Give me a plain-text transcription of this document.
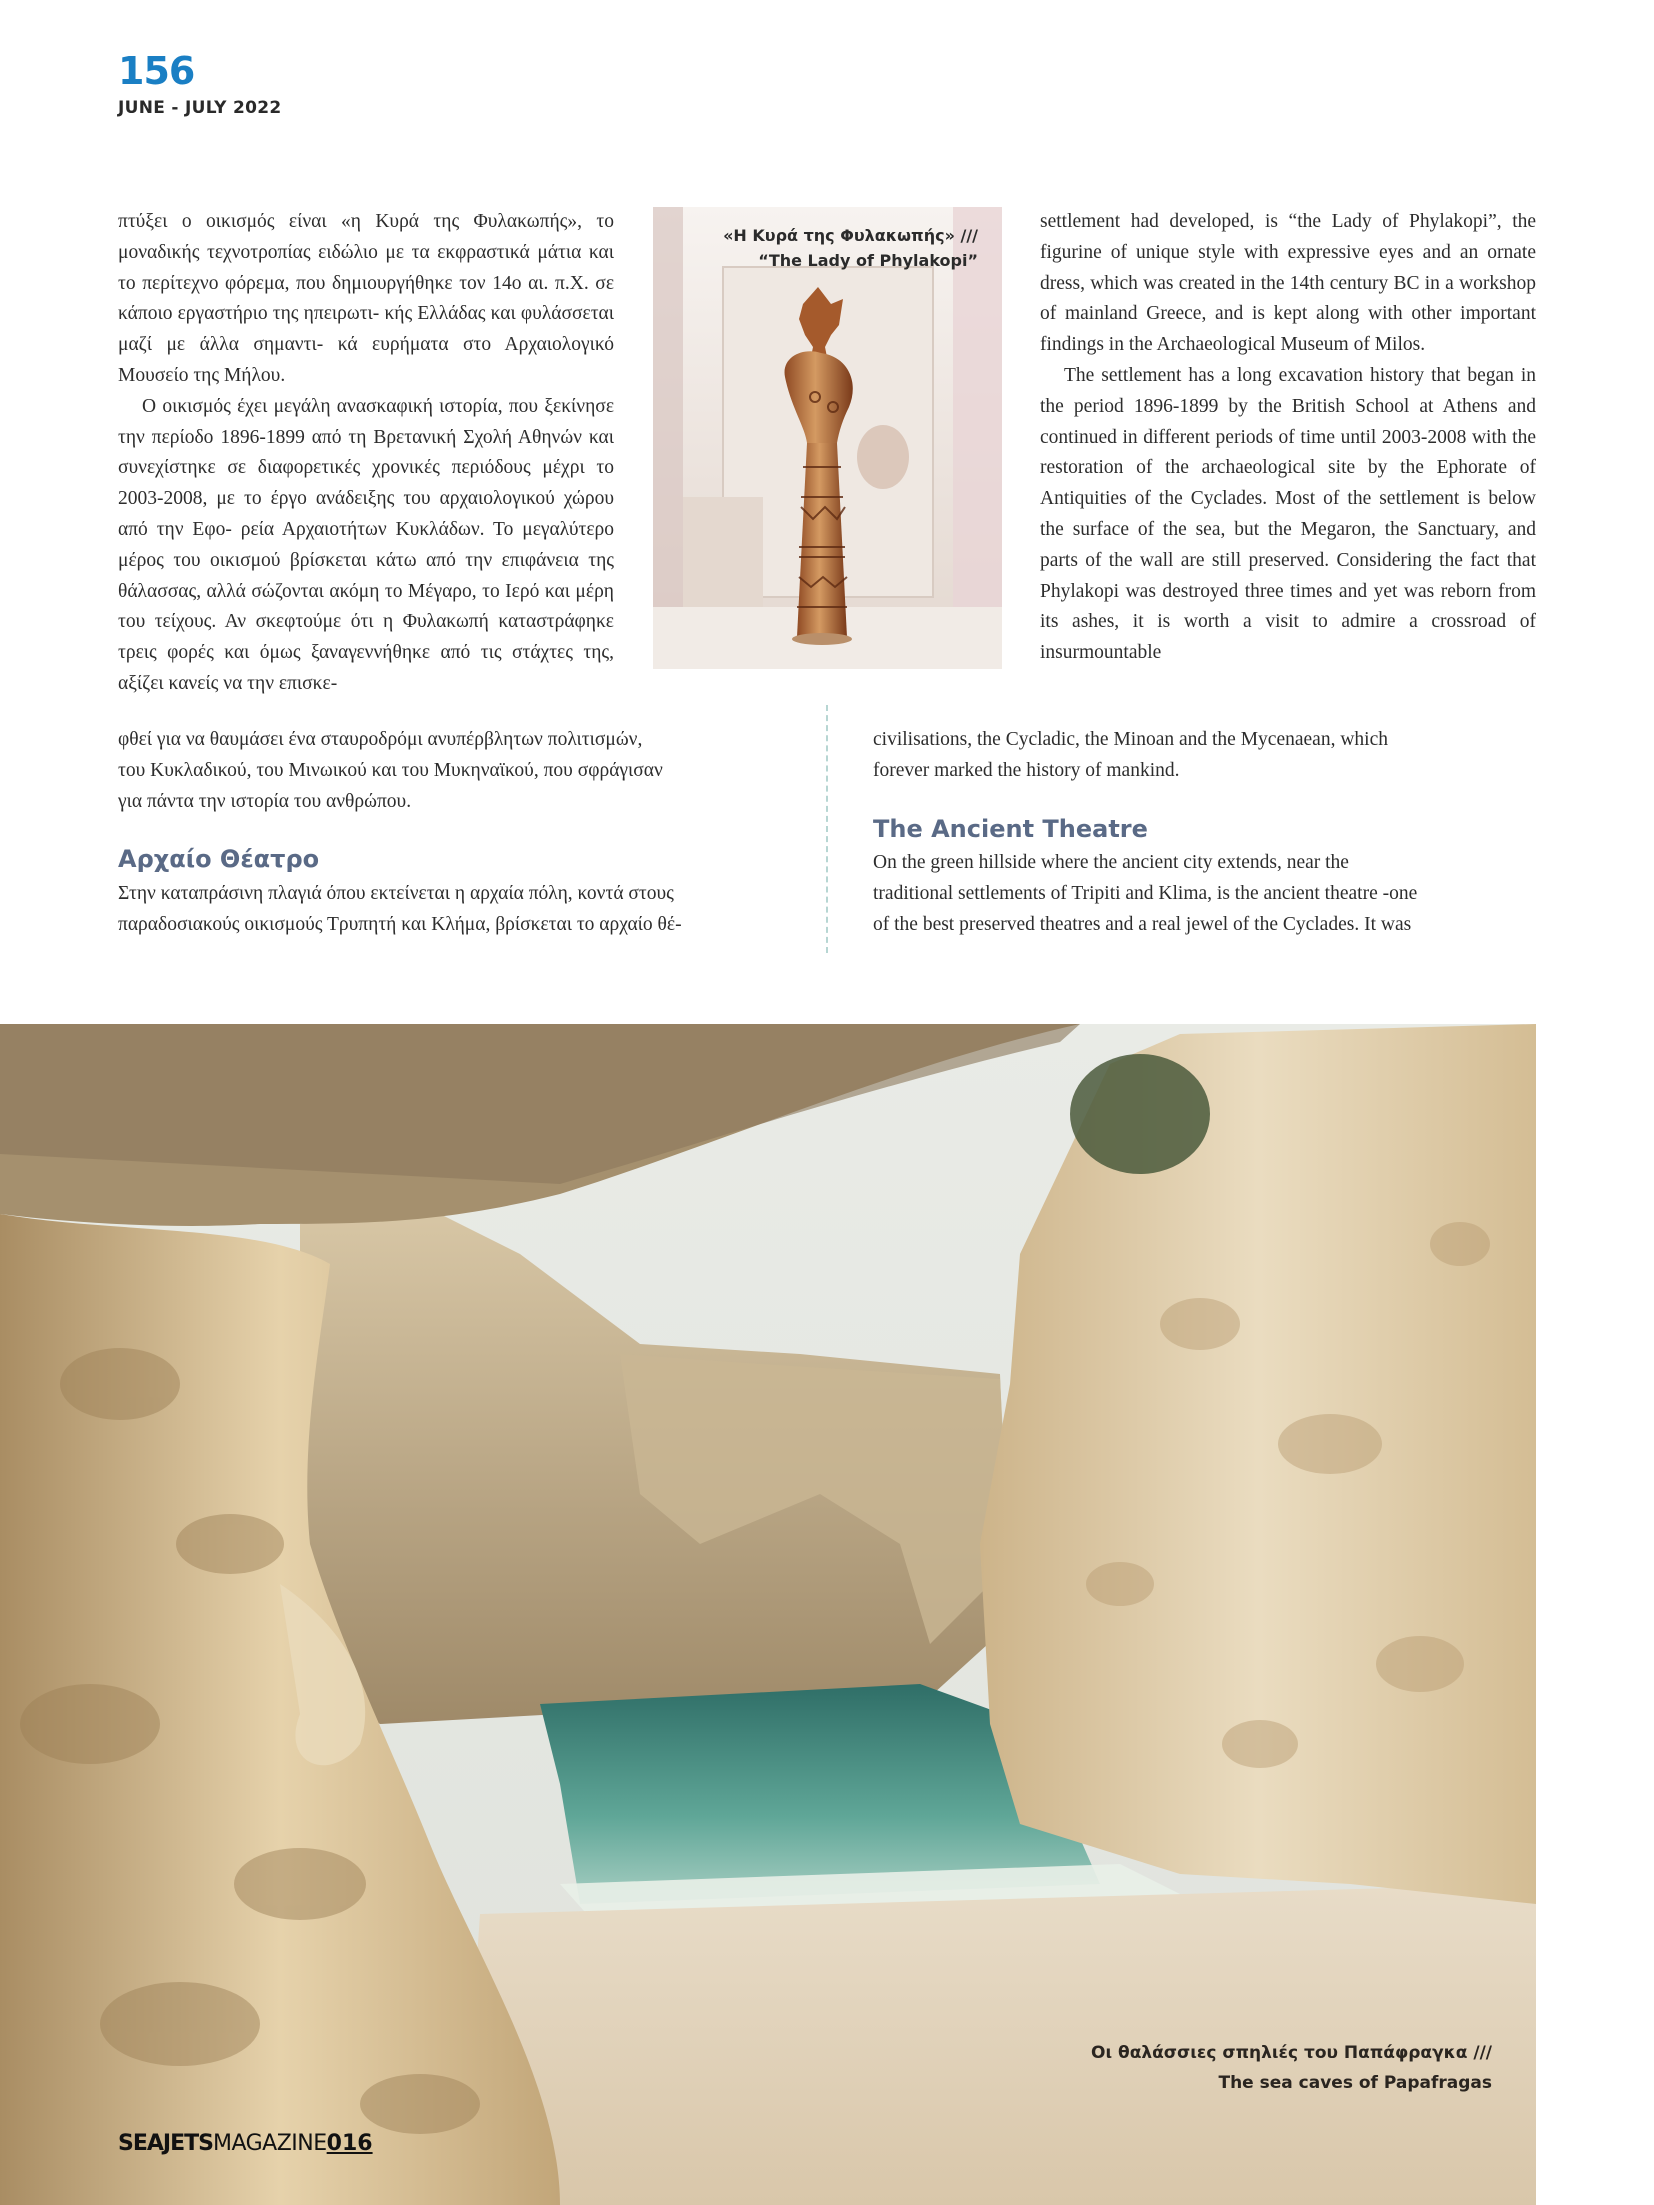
156
JUNE - JULY 2022

πτύξει ο οικισμός είναι «η Κυρά της Φυλακωπής», το μοναδικής τεχνοτροπίας ειδώλιο με τα εκφραστικά μάτια και το περίτεχνο φόρεμα, που δημιουργήθηκε τον 14ο αι. π.Χ. σε κάποιο εργαστήριο της ηπειρωτι- κής Ελλάδας και φυλάσσεται μαζί με άλλα σημαντι- κά ευρήματα στο Αρχαιολογικό Μουσείο της Μήλου.

Ο οικισμός έχει μεγάλη ανασκαφική ιστορία, που ξεκίνησε την περίοδο 1896-1899 από τη Βρετανική Σχολή Αθηνών και συνεχίστηκε σε διαφορετικές χρονικές περιόδους μέχρι το 2003-2008, με το έργο ανάδειξης του αρχαιολογικού χώρου από την Εφο- ρεία Αρχαιοτήτων Κυκλάδων. Το μεγαλύτερο μέρος του οικισμού βρίσκεται κάτω από την επιφάνεια της θάλασσας, αλλά σώζονται ακόμη το Μέγαρο, το Ιερό και μέρη του τείχους. Αν σκεφτούμε ότι η Φυλακωπή καταστράφηκε τρεις φορές και όμως ξαναγεννήθηκε από τις στάχτες της, αξίζει κανείς να την επισκε-

φθεί για να θαυμάσει ένα σταυροδρόμι ανυπέρβλητων πολιτισμών,
του Κυκλαδικού, του Μινωικού και του Μυκηναϊκού, που σφράγισαν
για πάντα την ιστορία του ανθρώπου.
Αρχαίο Θέατρο
Στην καταπράσινη πλαγιά όπου εκτείνεται η αρχαία πόλη, κοντά στους
παραδοσιακούς οικισμούς Τρυπητή και Κλήμα, βρίσκεται το αρχαίο θέ-
«Η Κυρά της Φυλακωπής» ///
“The Lady of Phylakopi”

settlement had developed, is “the Lady of Phylakopi”, the figurine of unique style with expressive eyes and an ornate dress, which was created in the 14th century BC in a workshop of mainland Greece, and is kept along with other important findings in the Archaeological Museum of Milos.

The settlement has a long excavation history that began in the period 1896-1899 by the British School at Athens and continued in different periods of time until 2003-2008 with the restoration of the archaeological site by the Ephorate of Antiquities of the Cyclades. Most of the settlement is below the surface of the sea, but the Megaron, the Sanctuary, and parts of the wall are still preserved. Considering the fact that Phylakopi was destroyed three times and yet was reborn from its ashes, it is worth a visit to admire a crossroad of insurmountable

civilisations, the Cycladic, the Minoan and the Mycenaean, which
forever marked the history of mankind.
The Ancient Theatre
On the green hillside where the ancient city extends, near the
traditional settlements of Tripiti and Klima, is the ancient theatre -one
of the best preserved theatres and a real jewel of the Cyclades. It was
Οι θαλάσσιες σπηλιές του Παπάφραγκα ///
The sea caves of Papafragas
SEAJETSMAGAZINE016
